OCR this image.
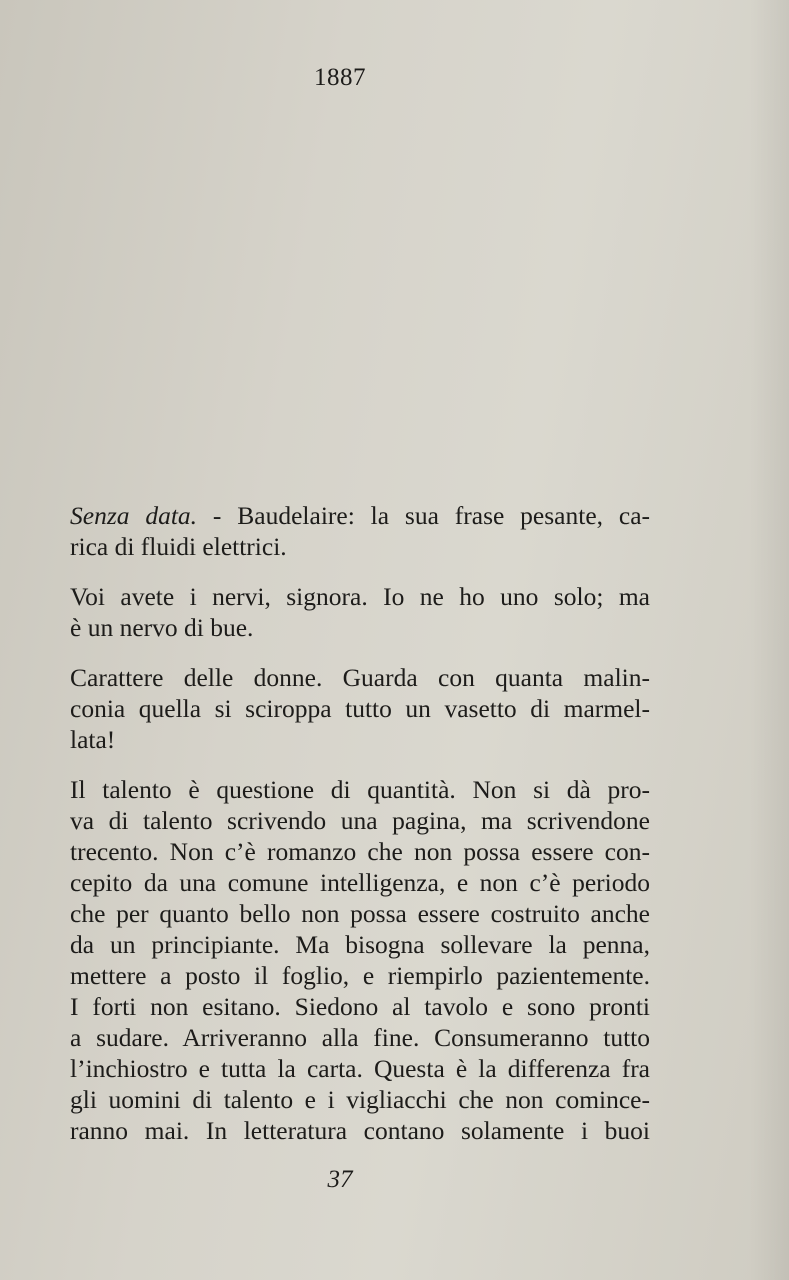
1887

Senza data. - Baudelaire: la sua frase pesante, ca-
rica di fluidi elettrici.

Voi avete i nervi, signora. Io ne ho uno solo; ma
è un nervo di bue.

Carattere delle donne. Guarda con quanta malin-
conia quella si sciroppa tutto un vasetto di marmel-
lata!

Il talento è questione di quantità. Non si dà pro-
va di talento scrivendo una pagina, ma scrivendone
trecento. Non c’è romanzo che non possa essere con-
cepito da una comune intelligenza, e non c’è periodo
che per quanto bello non possa essere costruito anche
da un principiante. Ma bisogna sollevare la penna,
mettere a posto il foglio, e riempirlo pazientemente.
I forti non esitano. Siedono al tavolo e sono pronti
a sudare. Arriveranno alla fine. Consumeranno tutto
l’inchiostro e tutta la carta. Questa è la differenza fra
gli uomini di talento e i vigliacchi che non comince-
ranno mai. In letteratura contano solamente i buoi

37
